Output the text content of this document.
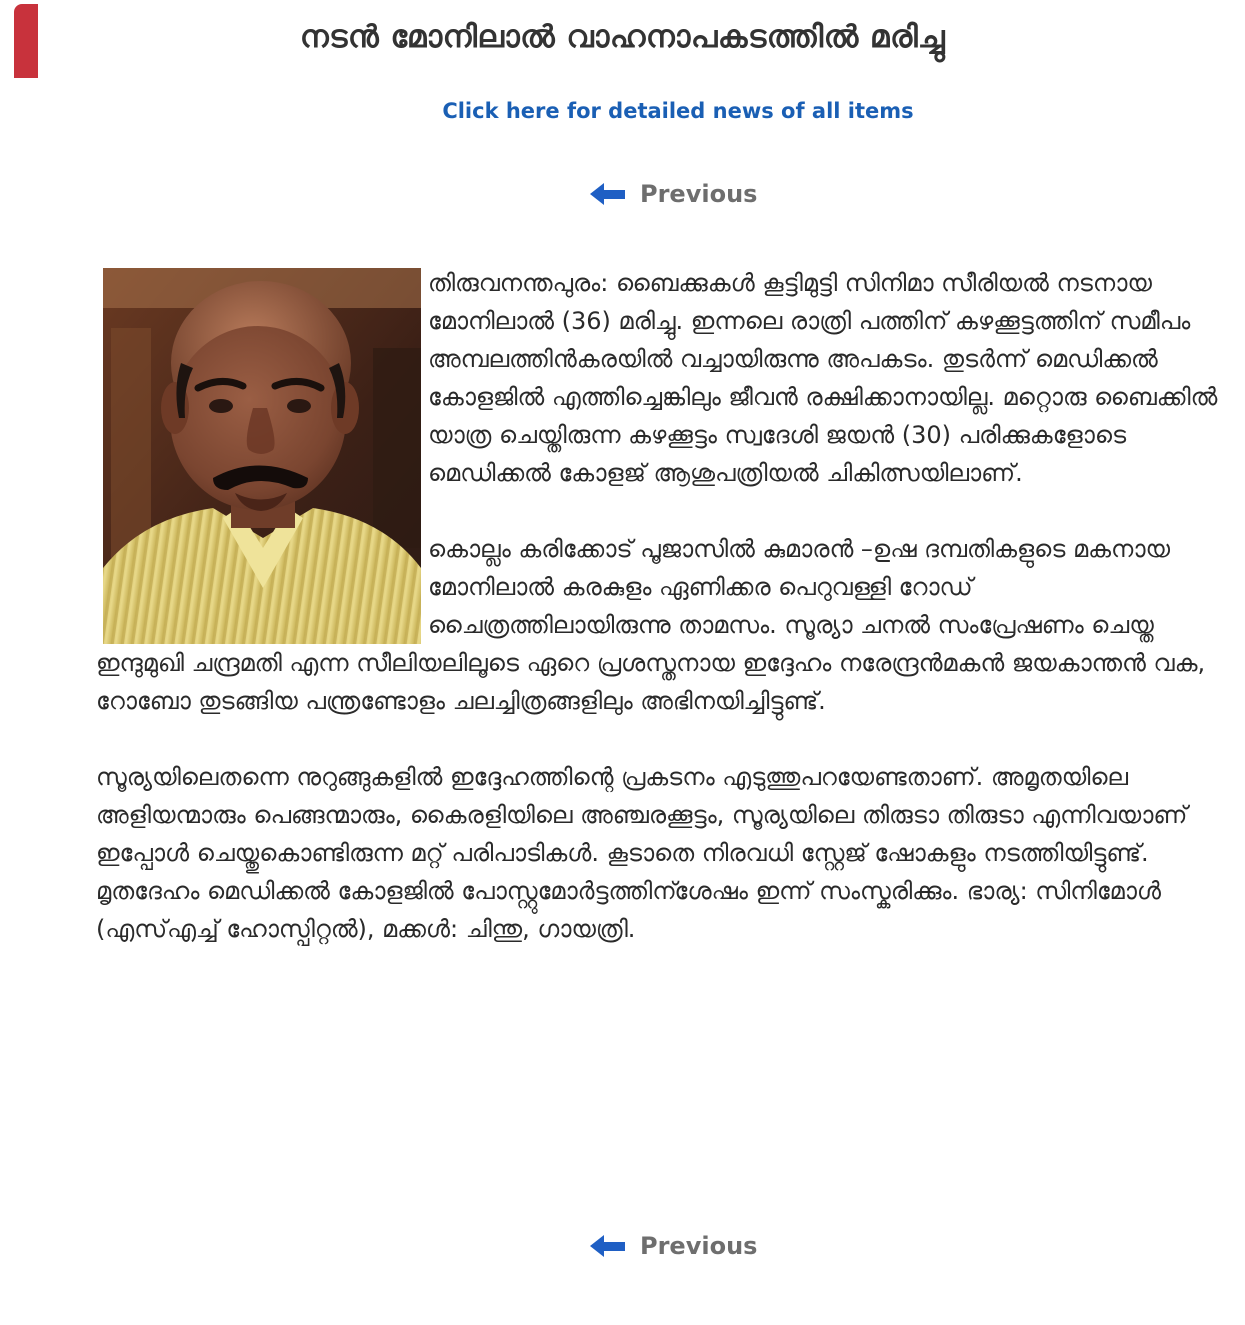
നടൻ മോനിലാൽ വാഹനാപകടത്തിൽ മരിച്ചു
Click here for detailed news of all items
Previous

തിരുവനന്തപുരം: ബൈക്കുകൾ കൂട്ടിമുട്ടി സിനിമാ സീരിയൽ നടനായ മോനിലാൽ (36) മരിച്ചു. ഇന്നലെ രാത്രി പത്തിന് കഴക്കൂട്ടത്തിന് സമീപം അമ്പലത്തിൻകരയിൽ വച്ചായിരുന്നു അപകടം. തുടർന്ന് മെഡിക്കൽ കോളജിൽ എത്തിച്ചെങ്കിലും ജീവൻ രക്ഷിക്കാനായില്ല. മറ്റൊരു ബൈക്കിൽ യാത്ര ചെയ്തിരുന്ന കഴക്കൂട്ടം സ്വദേശി ജയൻ (30) പരിക്കുകളോടെ മെഡിക്കൽ കോളജ് ആശുപത്രിയൽ ചികിത്സയിലാണ്.

കൊല്ലം കരിക്കോട് പൂജാസിൽ കുമാരൻ –ഉഷ ദമ്പതികളുടെ മകനായ മോനിലാൽ കരകുളം ഏണിക്കര പെറുവള്ളി റോഡ് ചൈത്രത്തിലായിരുന്നു താമസം. സൂര്യാ ചനൽ സംപ്രേഷണം ചെയ്ത ഇന്ദുമുഖി ചന്ദ്രമതി എന്ന സീലിയലിലൂടെ ഏറെ പ്രശസ്തനായ ഇദ്ദേഹം നരേന്ദ്രൻമകൻ ജയകാന്തൻ വക, റോബോ തുടങ്ങിയ പന്ത്രണ്ടോളം ചലച്ചിത്രങ്ങളിലും അഭിനയിച്ചിട്ടുണ്ട്.

സൂര്യയിലെതന്നെ നുറുങ്ങുകളിൽ ഇദ്ദേഹത്തിന്റെ പ്രകടനം എടുത്തുപറയേണ്ടതാണ്. അമൃതയിലെ അളിയന്മാരും പെങ്ങന്മാരും, കൈരളിയിലെ അഞ്ചരക്കൂട്ടം, സൂര്യയിലെ തിരുടാ തിരുടാ എന്നിവയാണ് ഇപ്പോൾ ചെയ്തുകൊണ്ടിരുന്ന മറ്റ് പരിപാടികൾ. കൂടാതെ നിരവധി സ്റ്റേജ് ഷോകളും നടത്തിയിട്ടുണ്ട്.

മൃതദേഹം മെഡിക്കൽ കോളജിൽ പോസ്റ്റുമോർട്ടത്തിന്ശേഷം ഇന്ന് സംസ്കരിക്കും. ഭാര്യ: സിനിമോൾ (എസ്എച്ച് ഹോസ്പിറ്റൽ), മക്കൾ: ചിന്തു, ഗായത്രി.

Previous
